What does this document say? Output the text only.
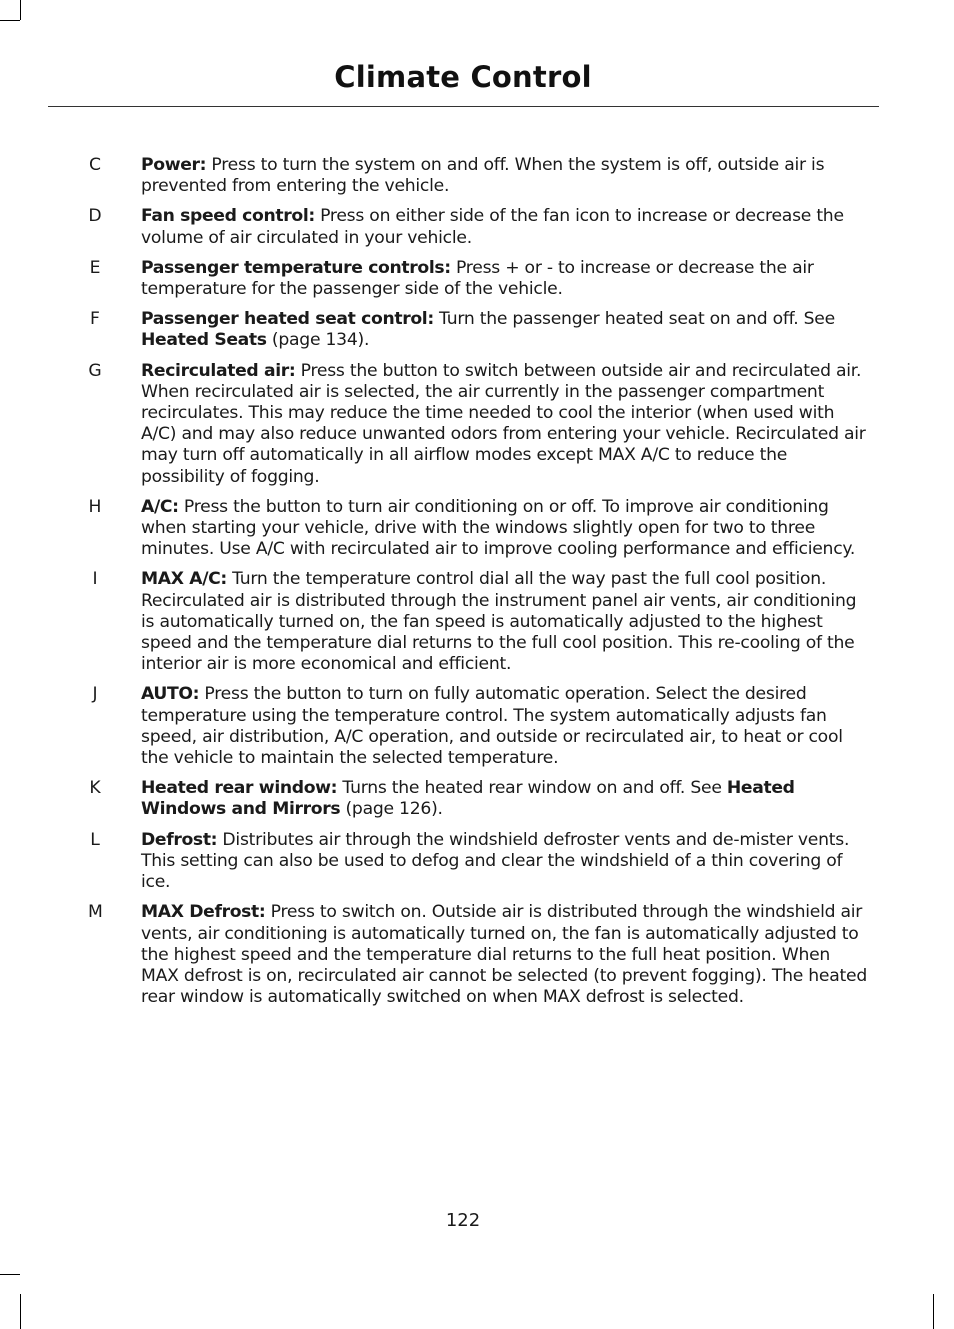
Climate Control
C Power: Press to turn the system on and off. When the system is off, outside air is prevented from entering the vehicle.
D Fan speed control: Press on either side of the fan icon to increase or decrease the volume of air circulated in your vehicle.
E Passenger temperature controls: Press + or - to increase or decrease the air temperature for the passenger side of the vehicle.
F Passenger heated seat control: Turn the passenger heated seat on and off. See Heated Seats (page 134).
G Recirculated air: Press the button to switch between outside air and recirculated air. When recirculated air is selected, the air currently in the passenger compartment recirculates. This may reduce the time needed to cool the interior (when used with A/C) and may also reduce unwanted odors from entering your vehicle. Recirculated air may turn off automatically in all airflow modes except MAX A/C to reduce the possibility of fogging.
H A/C: Press the button to turn air conditioning on or off. To improve air conditioning when starting your vehicle, drive with the windows slightly open for two to three minutes. Use A/C with recirculated air to improve cooling performance and efficiency.
I	MAX A/C: Turn the temperature control dial all the way past the full cool position. Recirculated air is distributed through the instrument panel air vents, air conditioning is automatically turned on, the fan speed is automatically adjusted to the highest speed and the temperature dial returns to the full cool position. This re-cooling of the interior air is more economical and efficient.
J	AUTO: Press the button to turn on fully automatic operation. Select the desired temperature using the temperature control. The system automatically adjusts fan speed, air distribution, A/C operation, and outside or recirculated air, to heat or cool the vehicle to maintain the selected temperature.
K Heated rear window: Turns the heated rear window on and off. See Heated Windows and Mirrors (page 126).
L Defrost: Distributes air through the windshield defroster vents and de-mister vents. This setting can also be used to defog and clear the windshield of a thin covering of ice.
M MAX Defrost: Press to switch on. Outside air is distributed through the windshield air vents, air conditioning is automatically turned on, the fan is automatically adjusted to the highest speed and the temperature dial returns to the full heat position. When MAX defrost is on, recirculated air cannot be selected (to prevent fogging). The heated rear window is automatically switched on when MAX defrost is selected.
122
